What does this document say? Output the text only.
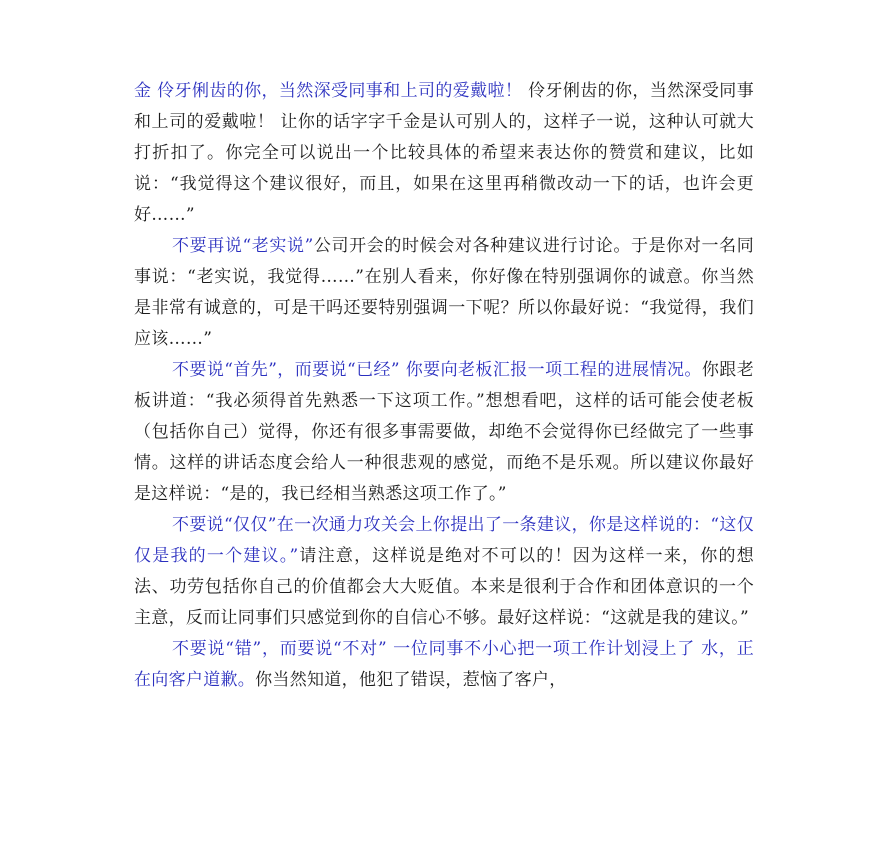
金 伶牙俐齿的你，当然深受同事和上司的爱戴啦！ 伶牙俐齿的你，当然深受同事和上司的爱戴啦！ 让你的话字字千金是认可别人的，这样子一说，这种认可就大打折扣了。你完全可以说出一个比较具体的希望来表达你的赞赏和建议，比如说：“我觉得这个建议很好，而且，如果在这里再稍微改动一下的话，也许会更好……”

不要再说“老实说”公司开会的时候会对各种建议进行讨论。于是你对一名同事说：“老实说，我觉得……”在别人看来，你好像在特别强调你的诚意。你当然是非常有诚意的，可是干吗还要特别强调一下呢？所以你最好说：“我觉得，我们应该……”

不要说“首先”，而要说“已经” 你要向老板汇报一项工程的进展情况。你跟老板讲道：“我必须得首先熟悉一下这项工作。”想想看吧，这样的话可能会使老板（包括你自己）觉得，你还有很多事需要做，却绝不会觉得你已经做完了一些事情。这样的讲话态度会给人一种很悲观的感觉，而绝不是乐观。所以建议你最好是这样说：“是的，我已经相当熟悉这项工作了。”

不要说“仅仅”在一次通力攻关会上你提出了一条建议，你是这样说的：“这仅仅是我的一个建议。”请注意，这样说是绝对不可以的！因为这样一来，你的想法、功劳包括你自己的价值都会大大贬值。本来是很利于合作和团体意识的一个主意，反而让同事们只感觉到你的自信心不够。最好这样说：“这就是我的建议。”

不要说“错”，而要说“不对” 一位同事不小心把一项工作计划浸上了 水，正在向客户道歉。你当然知道，他犯了错误，惹恼了客户，
